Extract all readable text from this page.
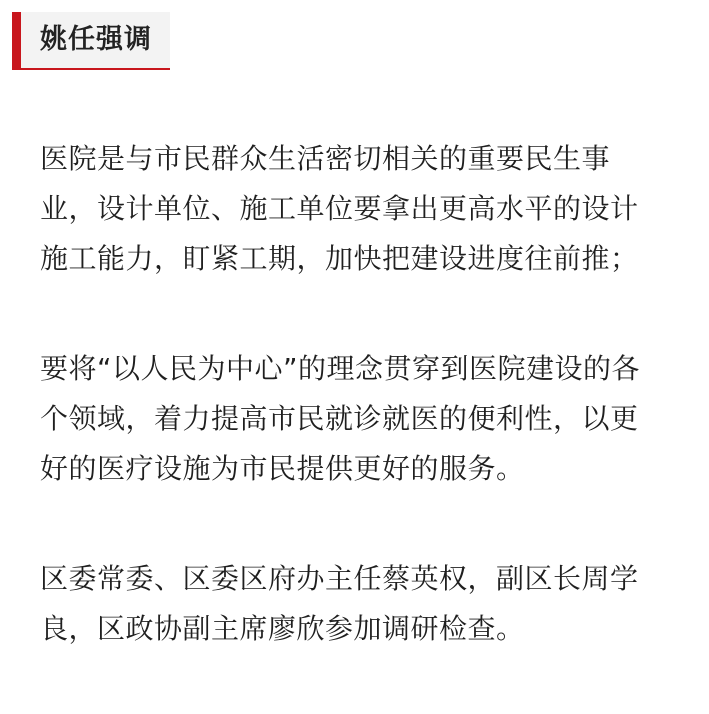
姚任强调

医院是与市民群众生活密切相关的重要民生事
业，设计单位、施工单位要拿出更高水平的设计
施工能力，盯紧工期，加快把建设进度往前推；

要将“以人民为中心”的理念贯穿到医院建设的各
个领域，着力提高市民就诊就医的便利性，以更
好的医疗设施为市民提供更好的服务。

区委常委、区委区府办主任蔡英权，副区长周学
良，区政协副主席廖欣参加调研检查。
